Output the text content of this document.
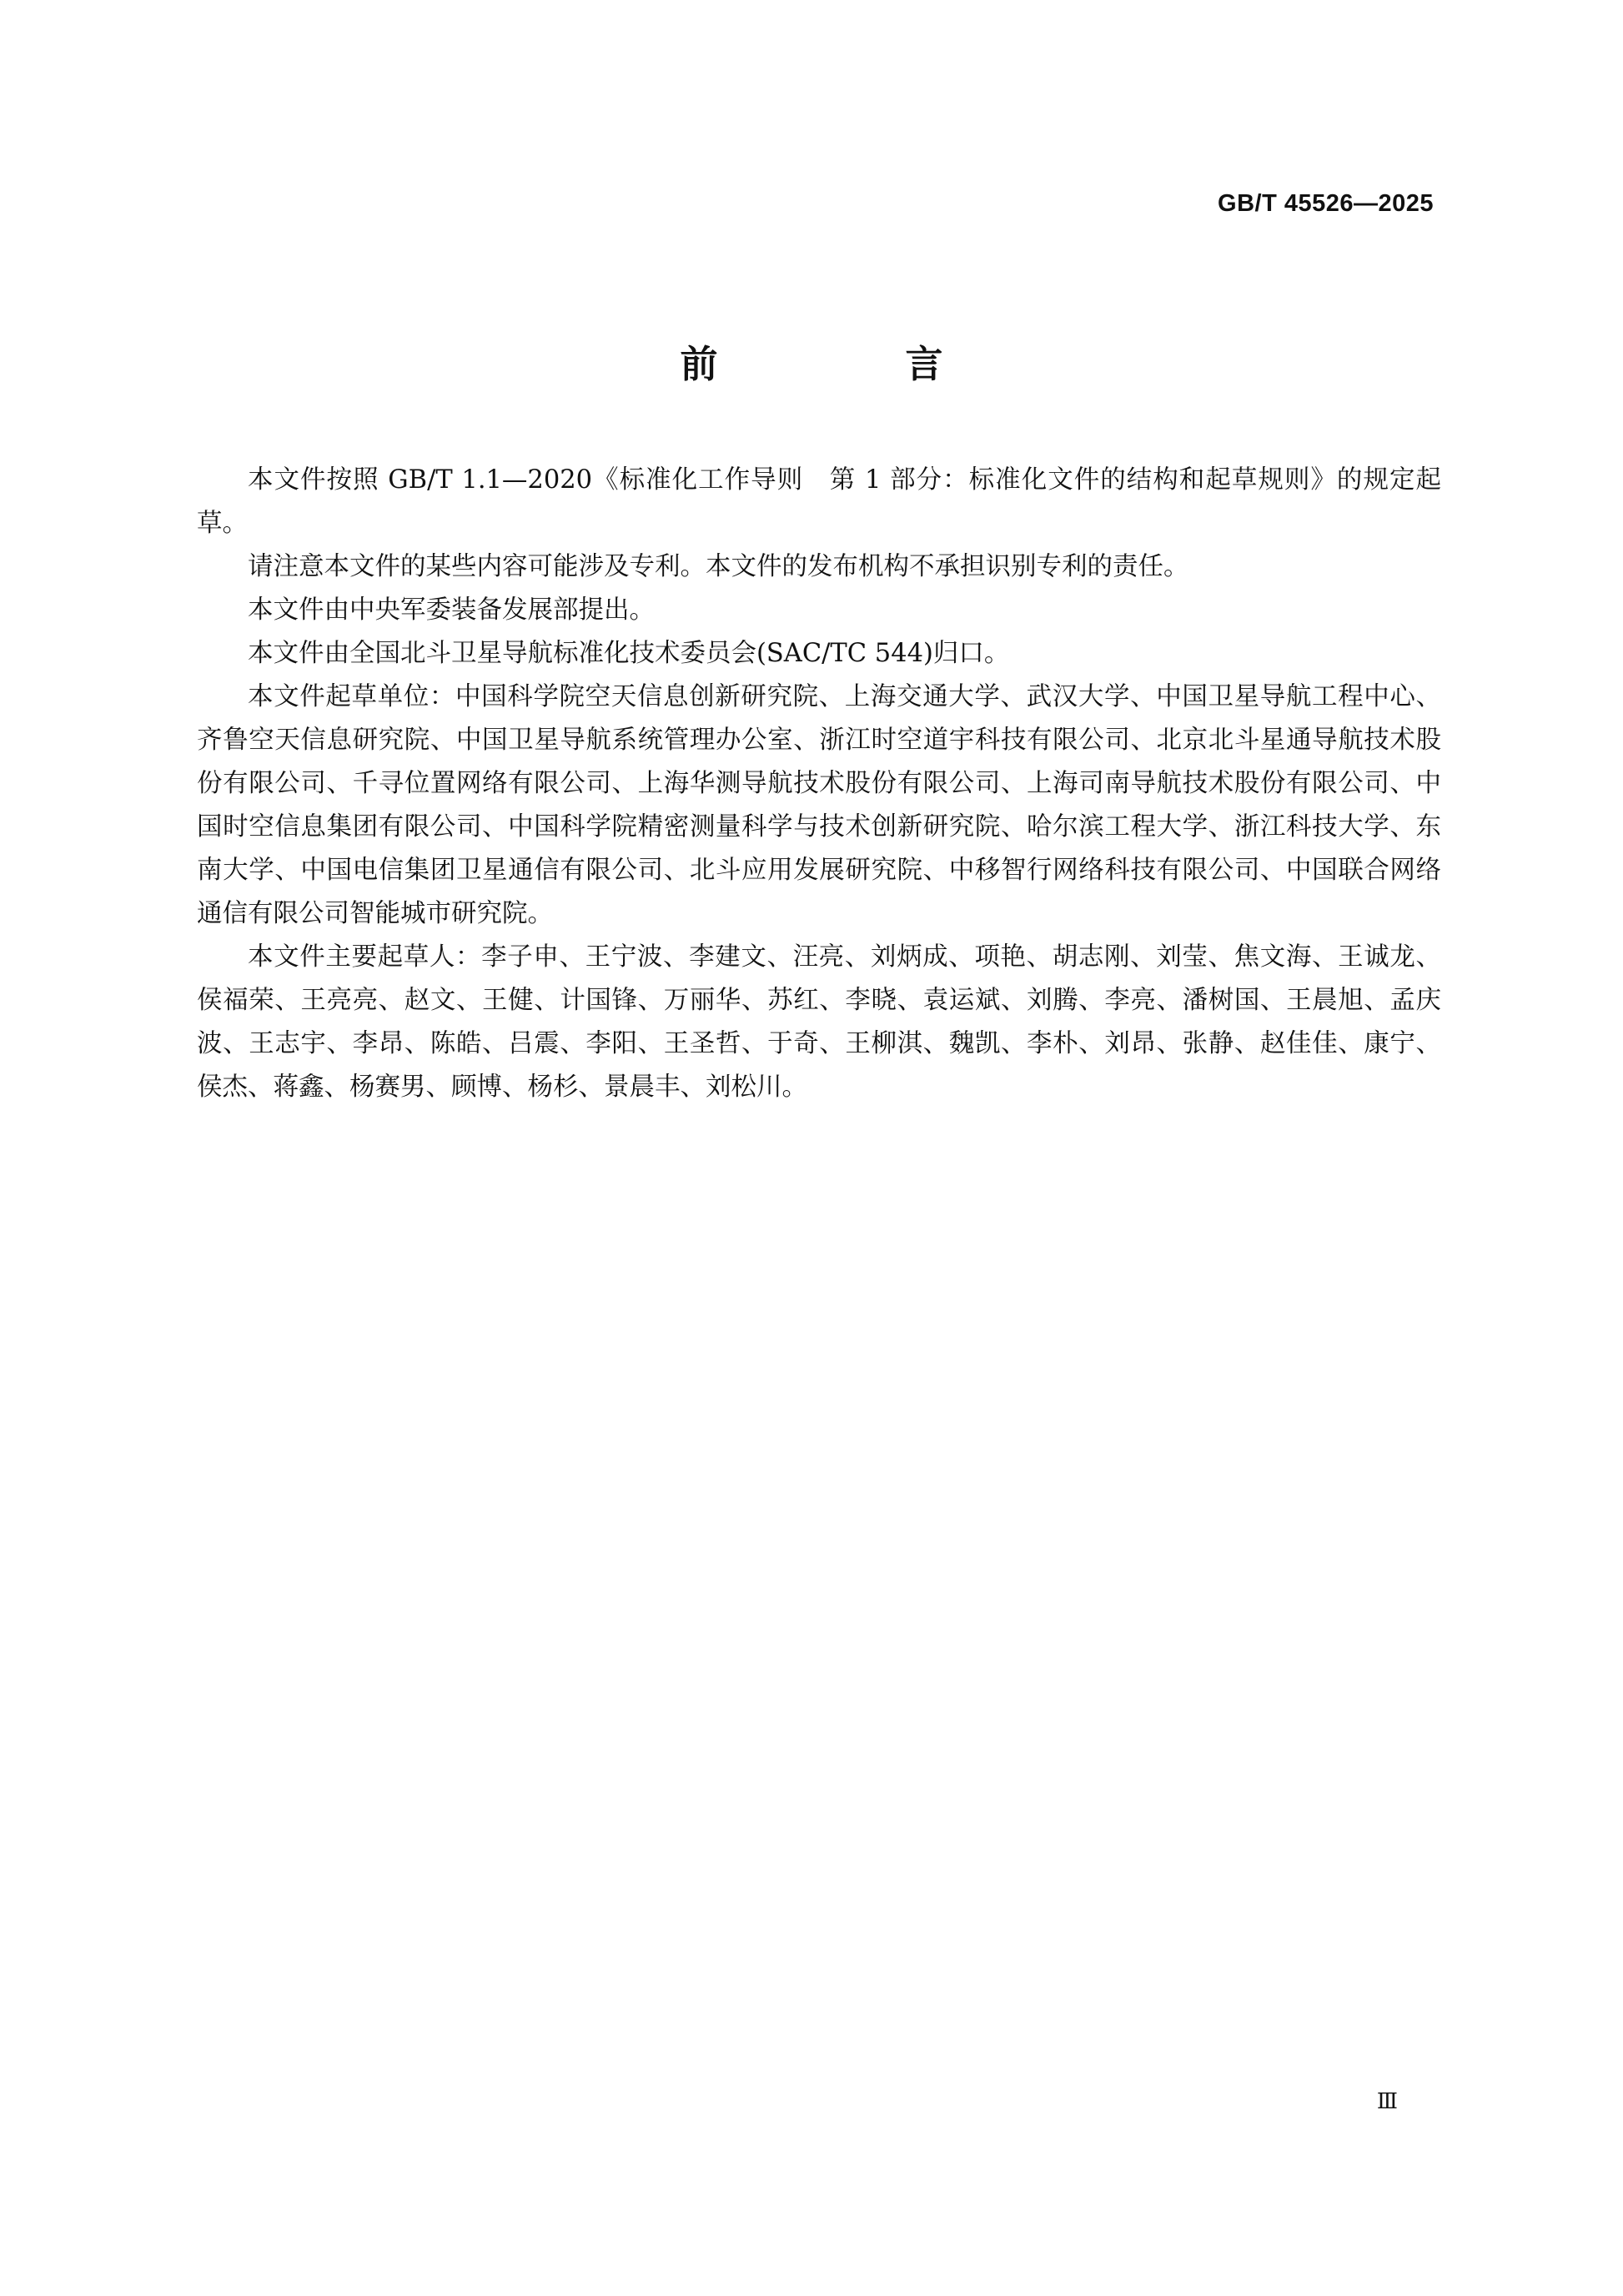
GB/T 45526—2025
前　言

本文件按照 GB/T 1.1—2020《标准化工作导则　第 1 部分：标准化文件的结构和起草规则》的规定起草。

请注意本文件的某些内容可能涉及专利。本文件的发布机构不承担识别专利的责任。

本文件由中央军委装备发展部提出。

本文件由全国北斗卫星导航标准化技术委员会(SAC/TC 544)归口。

本文件起草单位：中国科学院空天信息创新研究院、上海交通大学、武汉大学、中国卫星导航工程中心、齐鲁空天信息研究院、中国卫星导航系统管理办公室、浙江时空道宇科技有限公司、北京北斗星通导航技术股份有限公司、千寻位置网络有限公司、上海华测导航技术股份有限公司、上海司南导航技术股份有限公司、中国时空信息集团有限公司、中国科学院精密测量科学与技术创新研究院、哈尔滨工程大学、浙江科技大学、东南大学、中国电信集团卫星通信有限公司、北斗应用发展研究院、中移智行网络科技有限公司、中国联合网络通信有限公司智能城市研究院。

本文件主要起草人：李子申、王宁波、李建文、汪亮、刘炳成、项艳、胡志刚、刘莹、焦文海、王诚龙、侯福荣、王亮亮、赵文、王健、计国锋、万丽华、苏红、李晓、袁运斌、刘腾、李亮、潘树国、王晨旭、孟庆波、王志宇、李昂、陈皓、吕震、李阳、王圣哲、于奇、王柳淇、魏凯、李朴、刘昂、张静、赵佳佳、康宁、侯杰、蒋鑫、杨赛男、顾博、杨杉、景晨丰、刘松川。

Ⅲ
